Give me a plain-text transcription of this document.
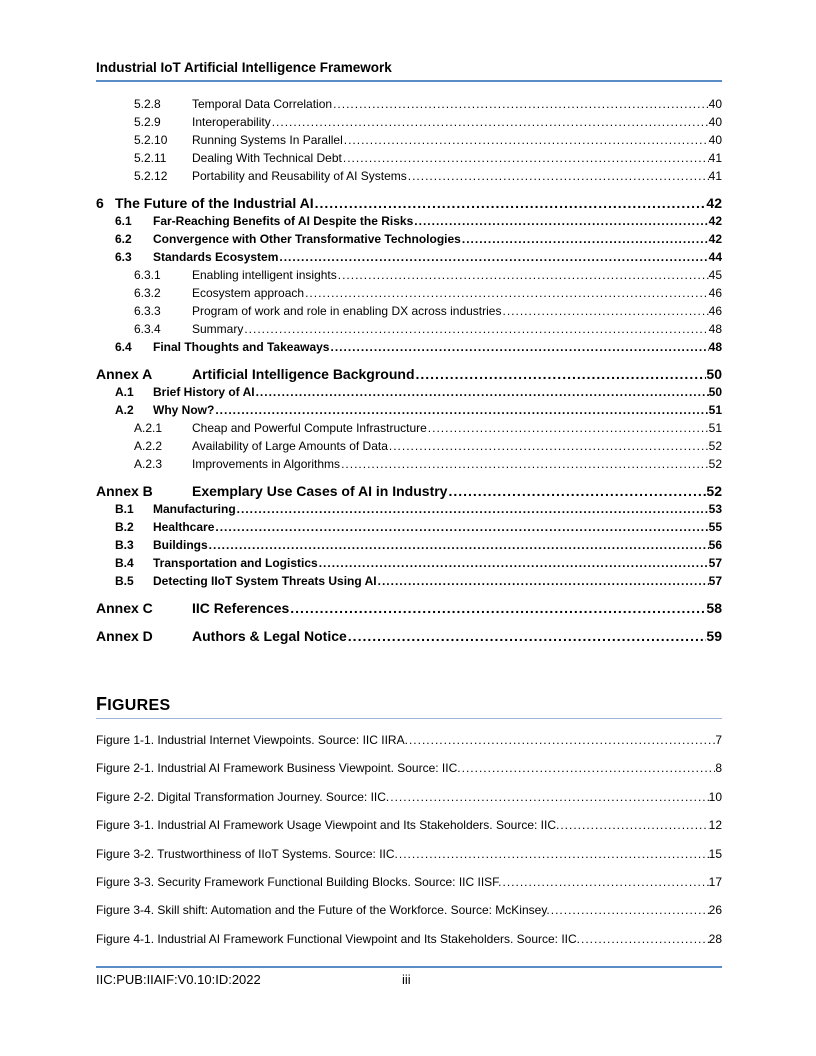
Industrial IoT Artificial Intelligence Framework
5.2.8	Temporal Data Correlation .....	40
5.2.9	Interoperability .....	40
5.2.10	Running Systems In Parallel .....	40
5.2.11	Dealing With Technical Debt .....	41
5.2.12	Portability and Reusability of AI Systems .....	41
6 The Future of the Industrial AI .....	42
6.1	Far-Reaching Benefits of AI Despite the Risks .....	42
6.2	Convergence with Other Transformative Technologies .....	42
6.3	Standards Ecosystem .....	44
6.3.1	Enabling intelligent insights .....	45
6.3.2	Ecosystem approach .....	46
6.3.3	Program of work and role in enabling DX across industries .....	46
6.3.4	Summary .....	48
6.4	Final Thoughts and Takeaways .....	48
Annex A	Artificial Intelligence Background .....	50
A.1	Brief History of AI .....	50
A.2	Why Now? .....	51
A.2.1	Cheap and Powerful Compute Infrastructure .....	51
A.2.2	Availability of Large Amounts of Data .....	52
A.2.3	Improvements in Algorithms .....	52
Annex B	Exemplary Use Cases of AI in Industry .....	52
B.1	Manufacturing .....	53
B.2	Healthcare .....	55
B.3	Buildings .....	56
B.4	Transportation and Logistics .....	57
B.5	Detecting IIoT System Threats Using AI .....	57
Annex C	IIC References .....	58
Annex D	Authors & Legal Notice .....	59
FIGURES
Figure 1-1. Industrial Internet Viewpoints. Source: IIC IIRA. .....	7
Figure 2-1. Industrial AI Framework Business Viewpoint. Source: IIC. .....	8
Figure 2-2. Digital Transformation Journey. Source: IIC. .....	10
Figure 3-1. Industrial AI Framework Usage Viewpoint and Its Stakeholders. Source: IIC. .....	12
Figure 3-2. Trustworthiness of IIoT Systems. Source: IIC. .....	15
Figure 3-3. Security Framework Functional Building Blocks. Source: IIC IISF. .....	17
Figure 3-4. Skill shift: Automation and the Future of the Workforce. Source: McKinsey. .....	26
Figure 4-1. Industrial AI Framework Functional Viewpoint and Its Stakeholders. Source: IIC. .....	28
IIC:PUB:IIAIF:V0.10:ID:2022	iii
